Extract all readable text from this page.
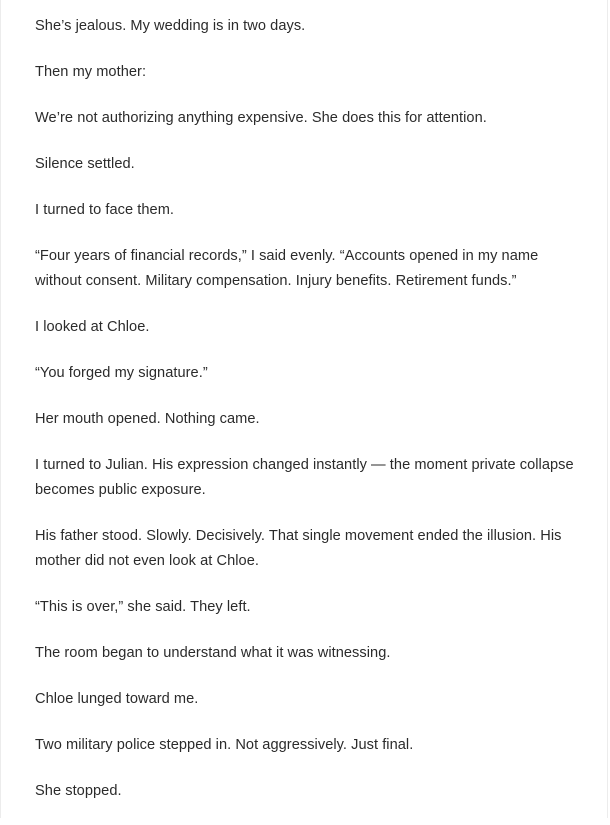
She’s jealous. My wedding is in two days.

Then my mother:

We’re not authorizing anything expensive. She does this for attention.

Silence settled.

I turned to face them.

“Four years of financial records,” I said evenly. “Accounts opened in my name without consent. Military compensation. Injury benefits. Retirement funds.”

I looked at Chloe.

“You forged my signature.”

Her mouth opened. Nothing came.

I turned to Julian. His expression changed instantly — the moment private collapse becomes public exposure.

His father stood. Slowly. Decisively. That single movement ended the illusion. His mother did not even look at Chloe.

“This is over,” she said. They left.

The room began to understand what it was witnessing.

Chloe lunged toward me.

Two military police stepped in. Not aggressively. Just final.

She stopped.
